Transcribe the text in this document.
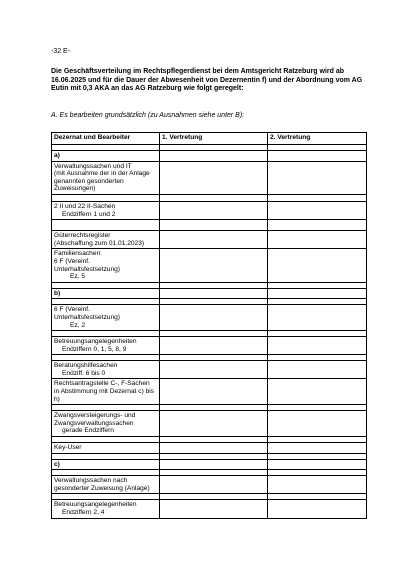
-32 E-
Die Geschäftsverteilung im Rechtspflegerdienst bei dem Amtsgericht Ratzeburg wird ab 16.06.2025 und für die Dauer der Abwesenheit von Dezernentin f) und der Abordnung vom AG Eutin mit 0,3 AKA an das AG Ratzeburg wie folgt geregelt:
A. Es bearbeiten grundsätzlich (zu Ausnahmen siehe unter B):
Dezernat und Bearbeiter	1. Vertretung	2. Vertretung

a)		

Verwaltungssachen und IT
(mit Ausnahme der in der Anlage
genannten gesonderten Zuweisungen)		

2 II und 22 II-Sachen
Endziffern 1 und 2		

Güterrechtsregister
(Abschaffung zum 01.01.2023)		

Familiensachen:
6 F (Vereinf. Unterhaltsfestsetzung)
Ez. 5		

b)		

6 F (Vereinf. Unterhaltsfestsetzung)
Ez. 2		

Betreuungsangelegenheiten
Endziffern 0, 1, 5, 8, 9		

Beratungshilfesachen
Endziff. 6 bis 0		

Rechtsantragstelle C-, F-Sachen
in Abstimmung mit Dezernat c) bis h)		

Zwangsversteigerungs- und
Zwangsverwaltungssachen
gerade Endziffern		

Key-User		

c)		

Verwaltungssachen nach
gesonderter Zuweisung (Anlage)		

Betreuungsangelegenheiten
Endziffern 2, 4		
